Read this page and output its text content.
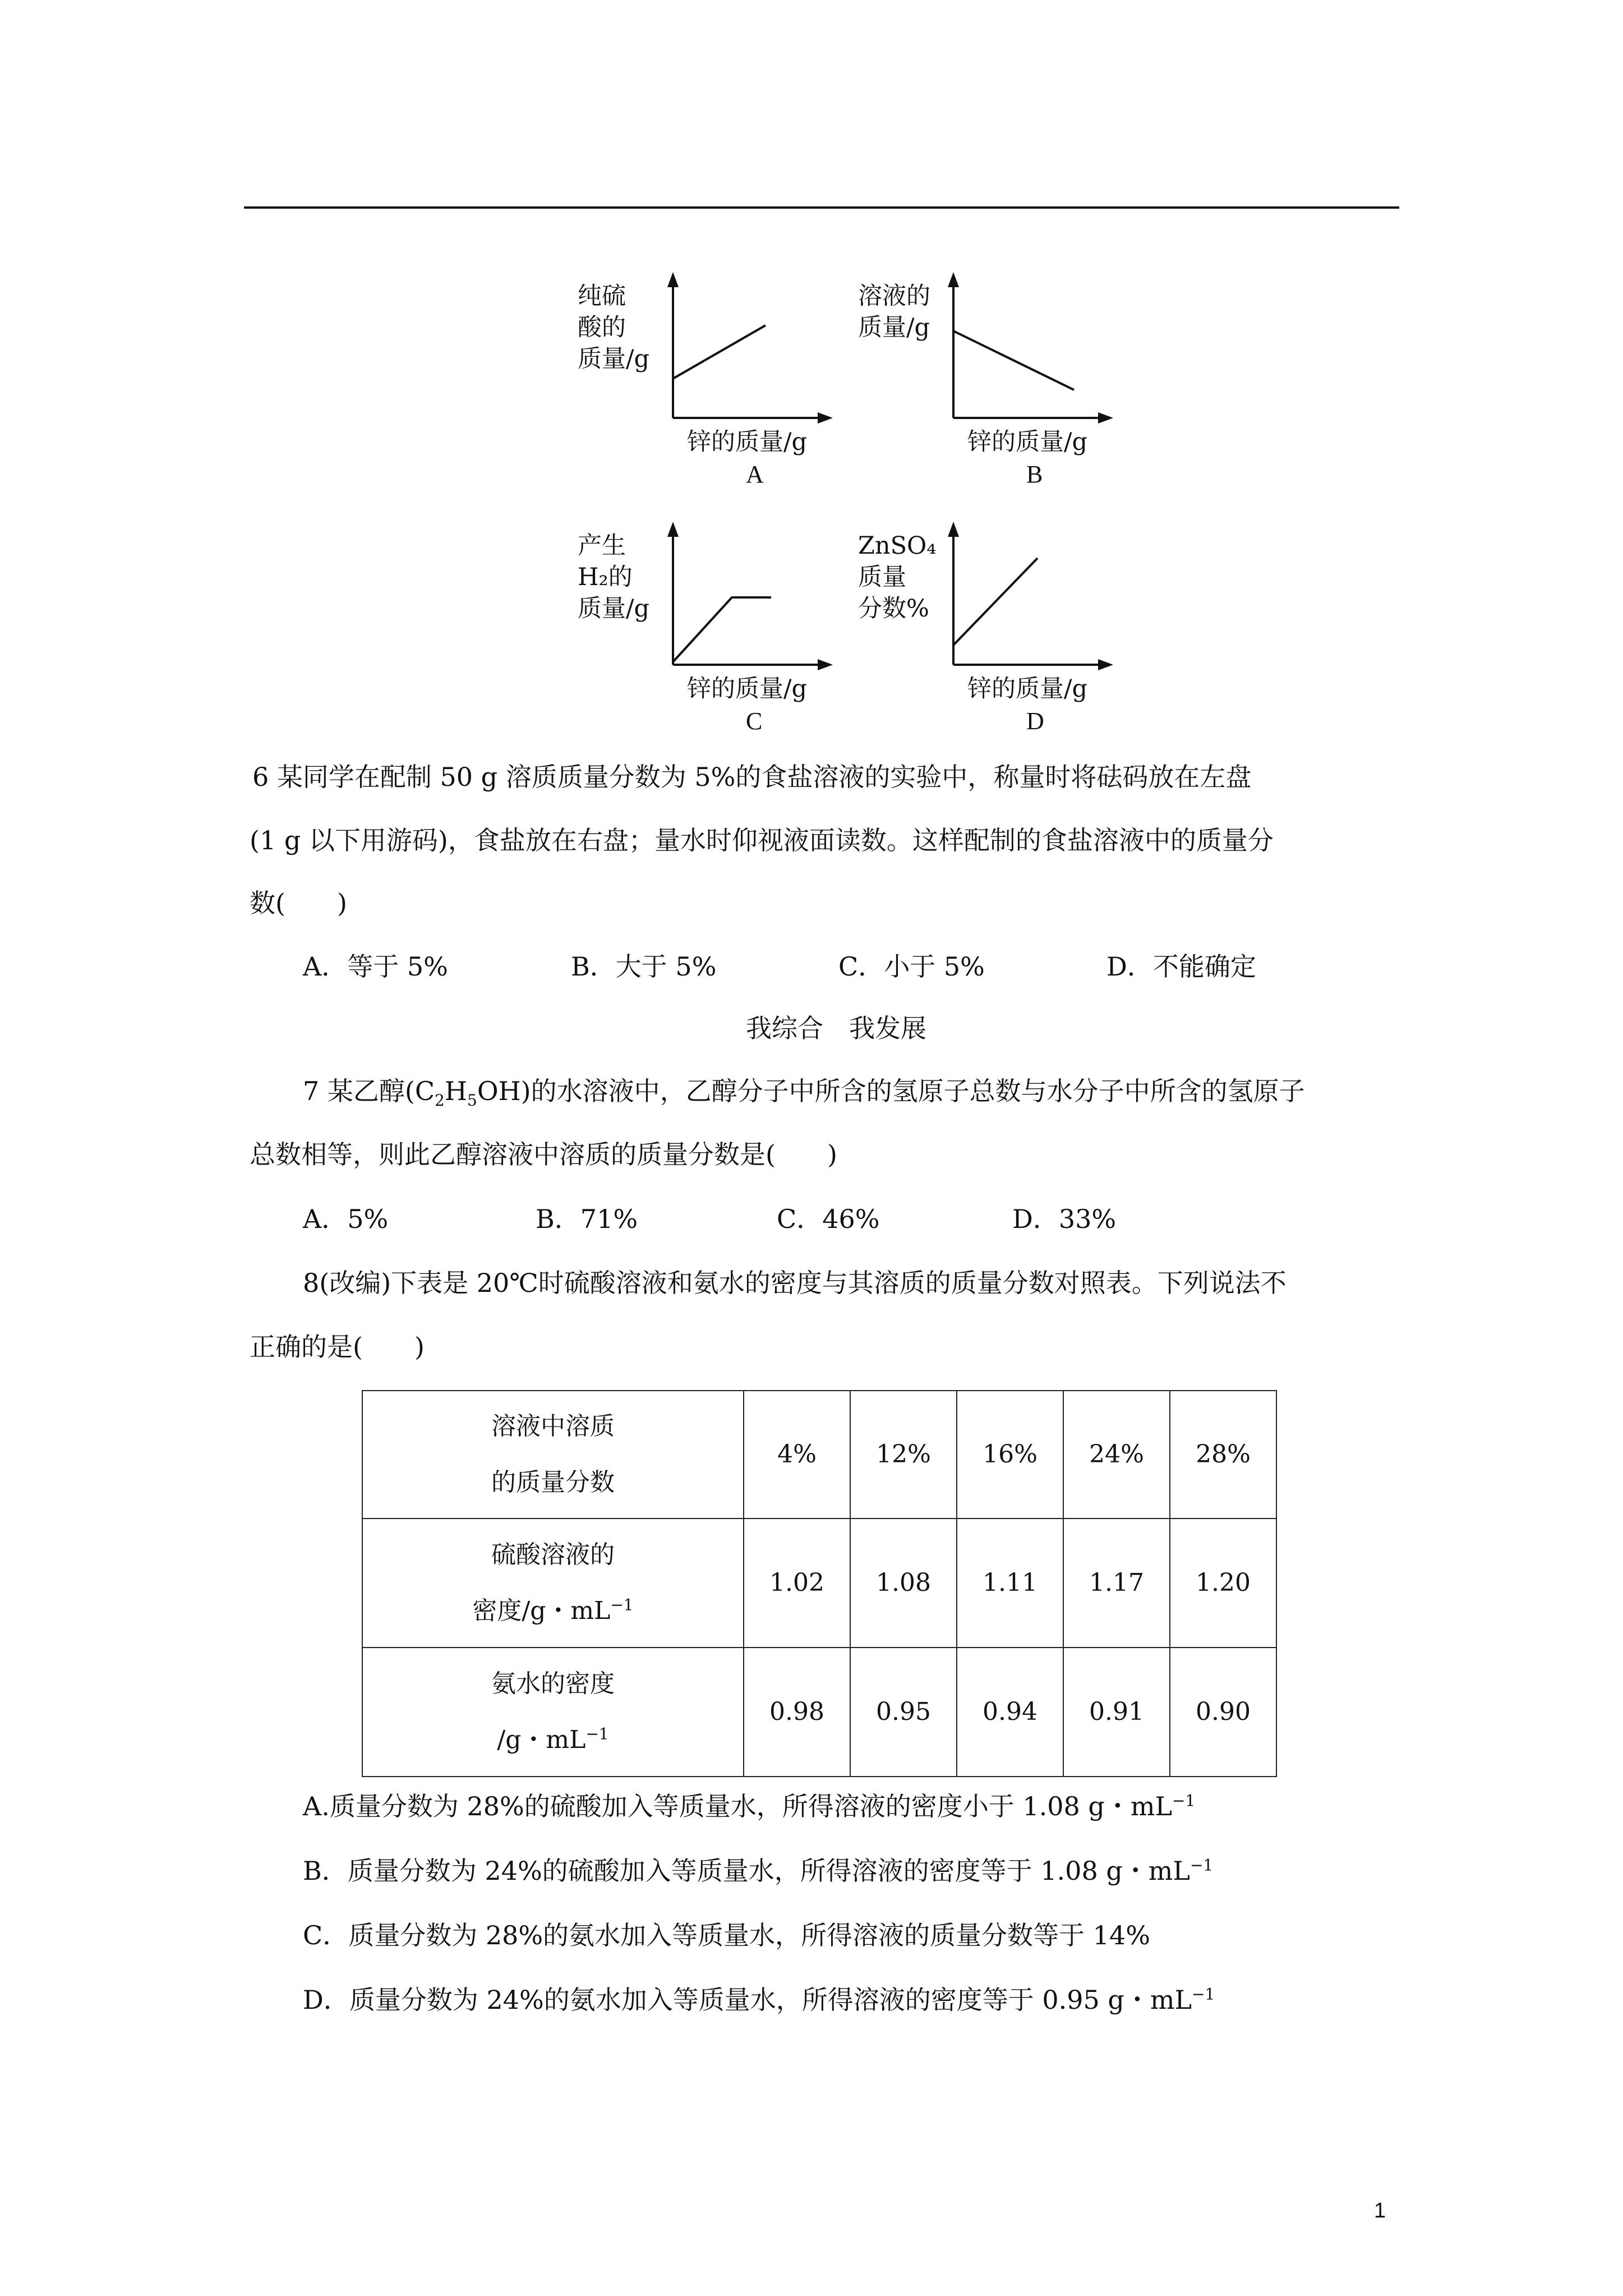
纯硫
酸的
质量/g
锌的质量/g
A
溶液的
质量/g
锌的质量/g
B
产生
H₂的
质量/g
锌的质量/g
C
ZnSO₄
质量
分数%
锌的质量/g
D
6 某同学在配制 50 g 溶质质量分数为 5%的食盐溶液的实验中，称量时将砝码放在左盘
(1 g 以下用游码)，食盐放在右盘；量水时仰视液面读数。这样配制的食盐溶液中的质量分
数(　　)
A．等于 5%	B．大于 5%	C．小于 5%	D．不能确定
我综合　我发展
7 某乙醇$(C_2H_5OH)$的水溶液中，乙醇分子中所含的氢原子总数与水分子中所含的氢原子
总数相等，则此乙醇溶液中溶质的质量分数是(　　)
A．5%	B．71%	C．46%	D．33%
8(改编)下表是 20℃时硫酸溶液和氨水的密度与其溶质的质量分数对照表。下列说法不
正确的是(　　)
溶液中溶质
的质量分数	4%	12%	16%	24%	28%

硫酸溶液的
密度/g・$mL^{-1}$	1.02	1.08	1.11	1.17	1.20

氨水的密度
/g・$mL^{-1}$	0.98	0.95	0.94	0.91	0.90
A.质量分数为 28%的硫酸加入等质量水，所得溶液的密度小于 1.08 g・$mL^{-1}$
B．质量分数为 24%的硫酸加入等质量水，所得溶液的密度等于 1.08 g・$mL^{-1}$
C．质量分数为 28%的氨水加入等质量水，所得溶液的质量分数等于 14%
D．质量分数为 24%的氨水加入等质量水，所得溶液的密度等于 0.95 g・$mL^{-1}$
1
